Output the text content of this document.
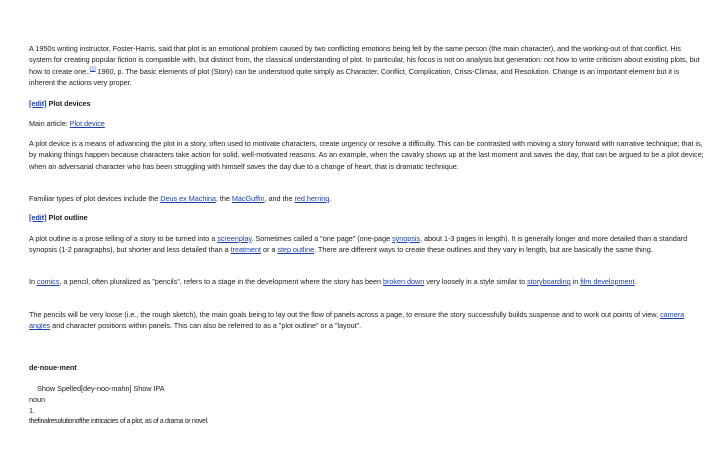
A 1950s writing instructor, Foster-Harris, said that plot is an emotional problem caused by two conflicting emotions being felt by the same person (the main character), and the working-out of that conflict. His system for creating popular fiction is compatible with, but distinct from, the classical understanding of plot. In particular, his focus is not on analysis but generation: not how to write criticism about existing plots, but how to create one..[1] 1960, p. The basic elements of plot (Story) can be understood quite simply as Character, Conflict, Complication, Crisis-Climax, and Resolution. Change is an important element but it is inherent the actions very proper.

[edit] Plot devices

Main article: Plot device

A plot device is a means of advancing the plot in a story, often used to motivate characters, create urgency or resolve a difficulty. This can be contrasted with moving a story forward with narrative technique; that is, by making things happen because characters take action for solid, well-motivated reasons. As an example, when the cavalry shows up at the last moment and saves the day, that can be argued to be a plot device; when an adversarial character who has been struggling with himself saves the day due to a change of heart, that is dramatic technique.

Familiar types of plot devices include the Deus ex Machina, the MacGuffin, and the red herring.

[edit] Plot outline

A plot outline is a prose telling of a story to be turned into a screenplay. Sometimes called a "one page" (one-page synopsis, about 1-3 pages in length). It is generally longer and more detailed than a standard synopsis (1-2 paragraphs), but shorter and less detailed than a treatment or a step outline. There are different ways to create these outlines and they vary in length, but are basically the same thing.

In comics, a pencil, often pluralized as "pencils", refers to a stage in the development where the story has been broken down very loosely in a style similar to storyboarding in film development.

The pencils will be very loose (i.e., the rough sketch), the main goals being to lay out the flow of panels across a page, to ensure the story successfully builds suspense and to work out points of view, camera angles and character positions within panels. This can also be referred to as a "plot outline" or a "layout".

de·noue·ment

Show Spelled[dey-noo-mahn] Show IPA

noun

1.

thefinalresolutionofthe intricacies of a plot, as of a drama or novel.
